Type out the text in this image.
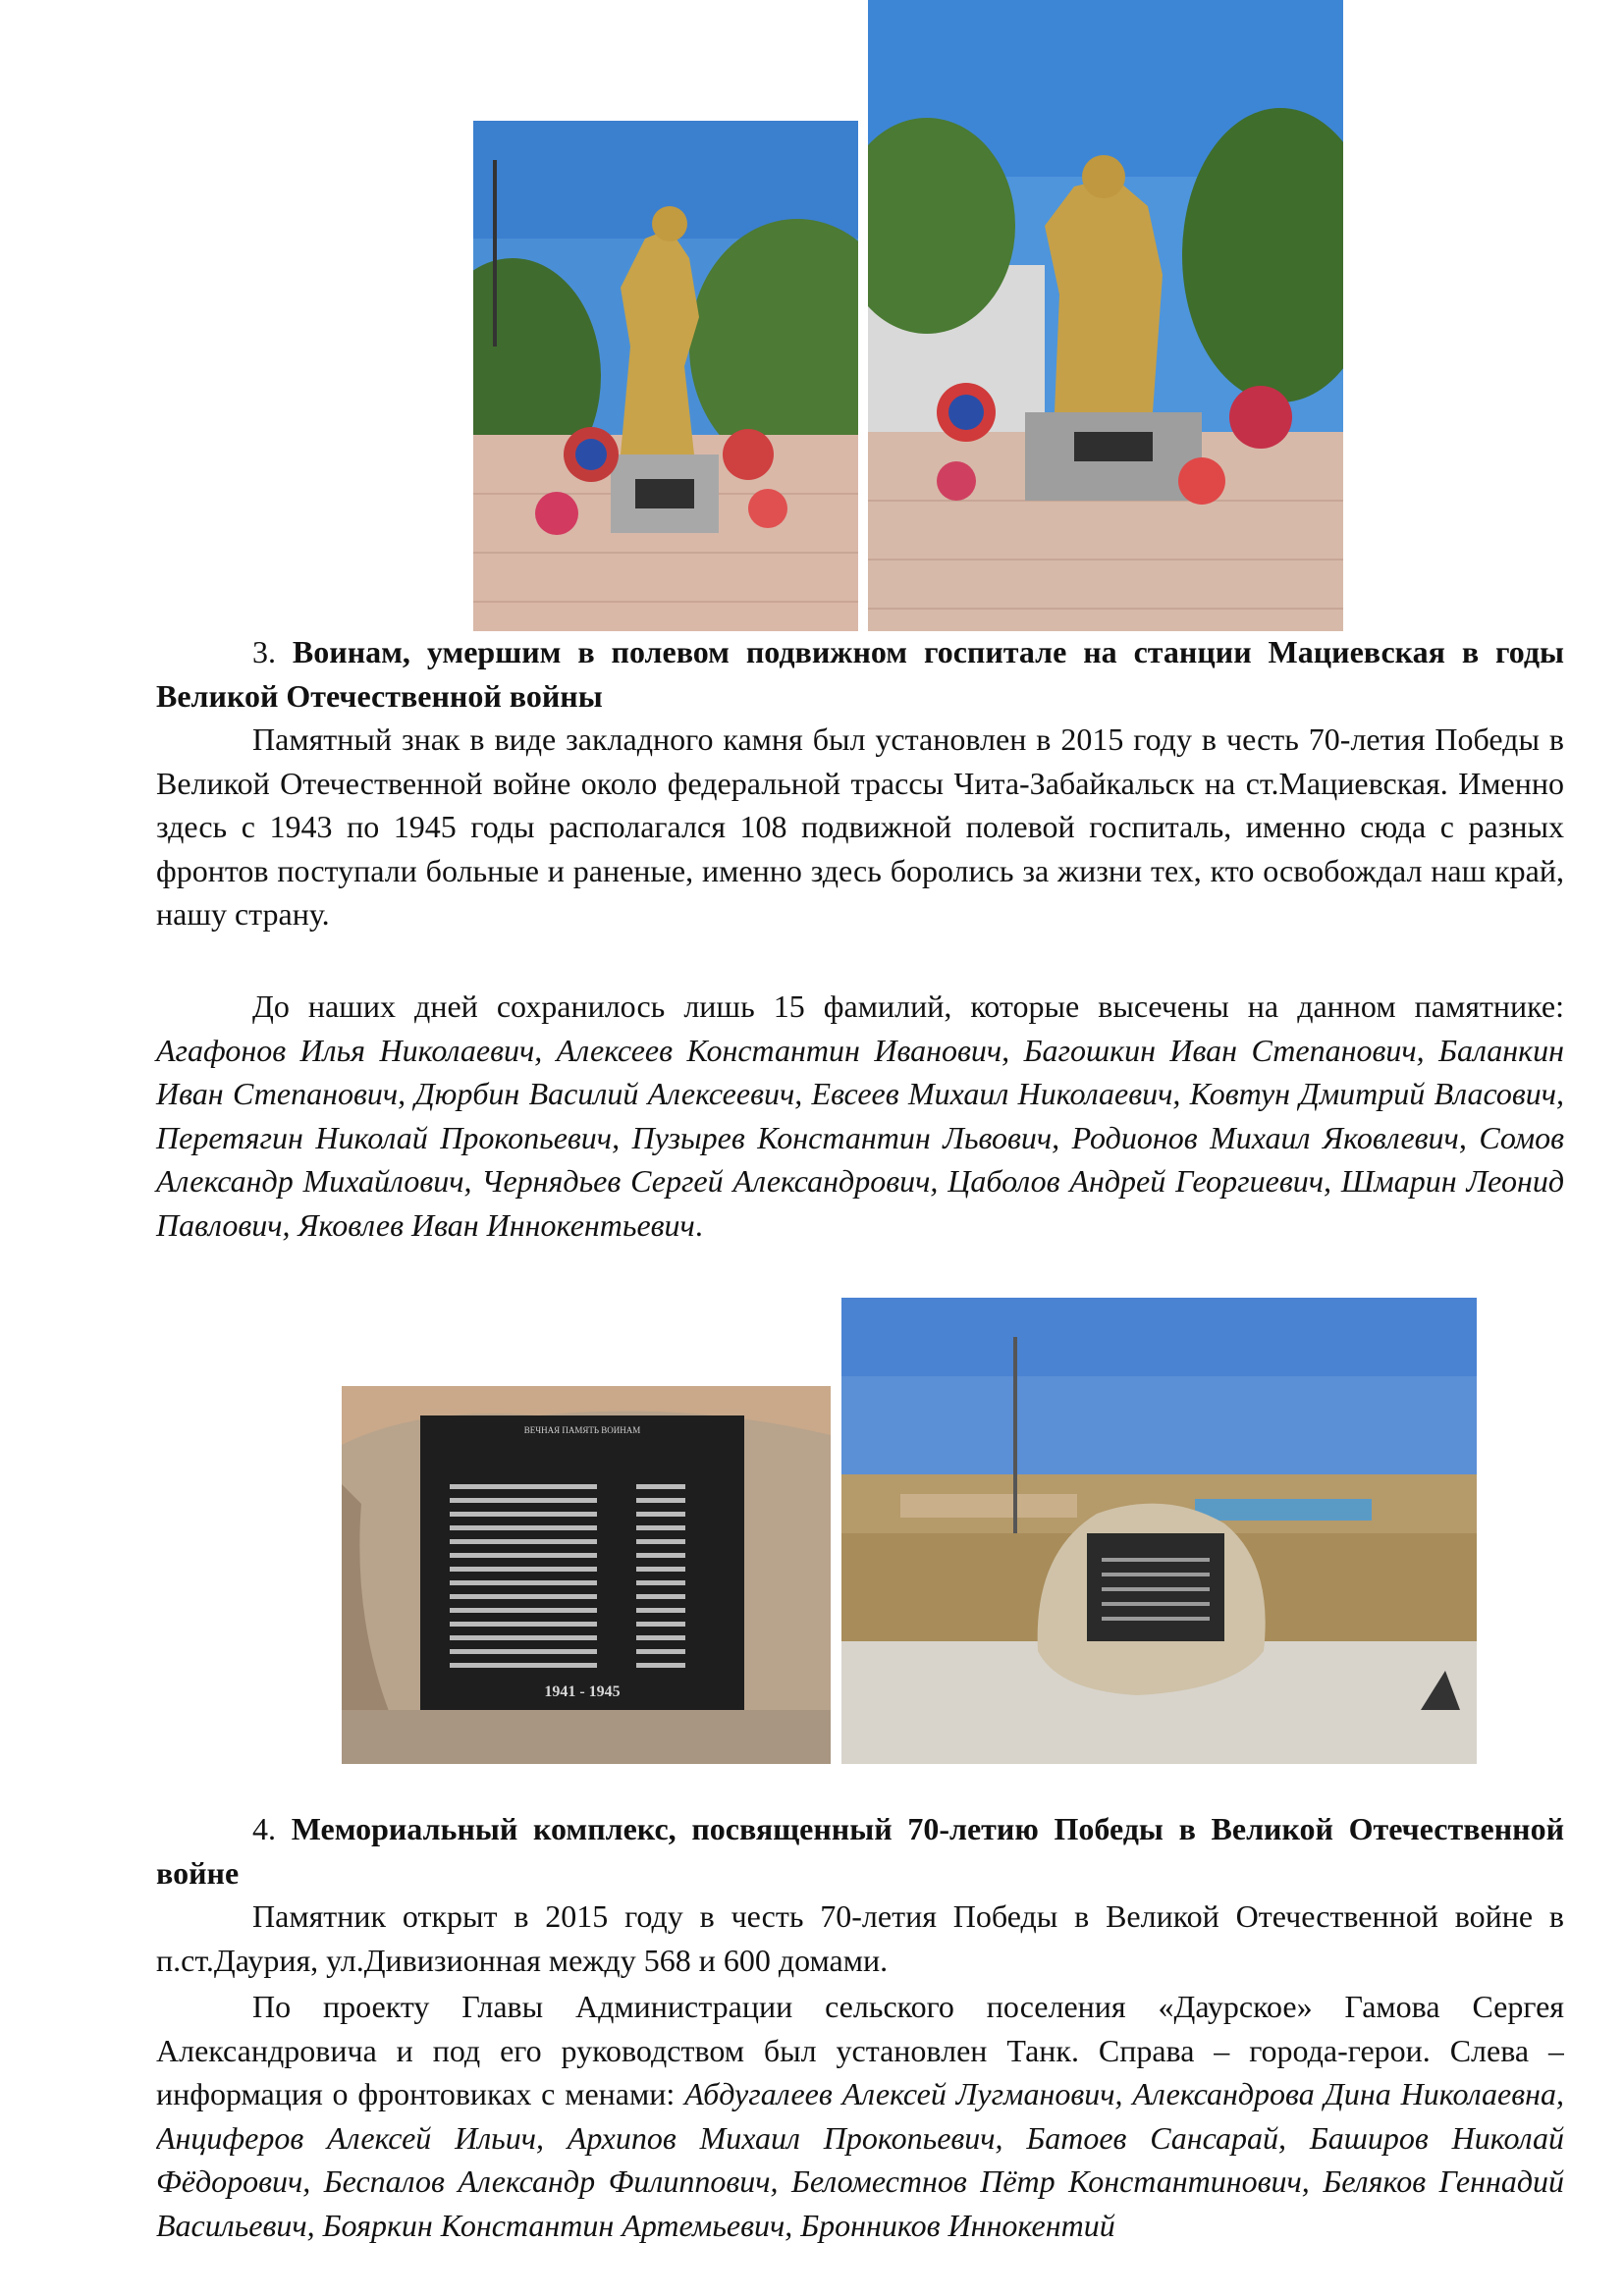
3. Воинам, умершим в полевом подвижном госпитале на станции Мациевская в годы Великой Отечественной войны

Памятный знак в виде закладного камня был установлен в 2015 году в честь 70-летия Победы в Великой Отечественной войне около федеральной трассы Чита-Забайкальск на ст.Мациевская. Именно здесь с 1943 по 1945 годы располагался 108 подвижной полевой госпиталь, именно сюда с разных фронтов поступали больные и раненые, именно здесь боролись за жизни тех, кто освобождал наш край, нашу страну.

До наших дней сохранилось лишь 15 фамилий, которые высечены на данном памятнике: Агафонов Илья Николаевич, Алексеев Константин Иванович, Багошкин Иван Степанович, Баланкин Иван Степанович, Дюрбин Василий Алексеевич, Евсеев Михаил Николаевич, Ковтун Дмитрий Власович, Перетягин Николай Прокопьевич, Пузырев Константин Львович, Родионов Михаил Яковлевич, Сомов Александр Михайлович, Чернядьев Сергей Александрович, Цаболов Андрей Георгиевич, Шмарин Леонид Павлович, Яковлев Иван Иннокентьевич.

ВЕЧНАЯ ПАМЯТЬ ВОИНАМ
1941 - 1945

4. Мемориальный комплекс, посвященный 70-летию Победы в Великой Отечественной войне

Памятник открыт в 2015 году в честь 70-летия Победы в Великой Отечественной войне в п.ст.Даурия, ул.Дивизионная между 568 и 600 домами.

По проекту Главы Администрации сельского поселения «Даурское» Гамова Сергея Александровича и под его руководством был установлен Танк. Справа – города-герои. Слева – информация о фронтовиках с менами: Абдугалеев Алексей Лугманович, Александрова Дина Николаевна, Анциферов Алексей Ильич, Архипов Михаил Прокопьевич, Батоев Сансарай, Баширов Николай Фёдорович, Беспалов Александр Филиппович, Беломестнов Пётр Константинович, Беляков Геннадий Васильевич, Бояркин Константин Артемьевич, Бронников Иннокентий
